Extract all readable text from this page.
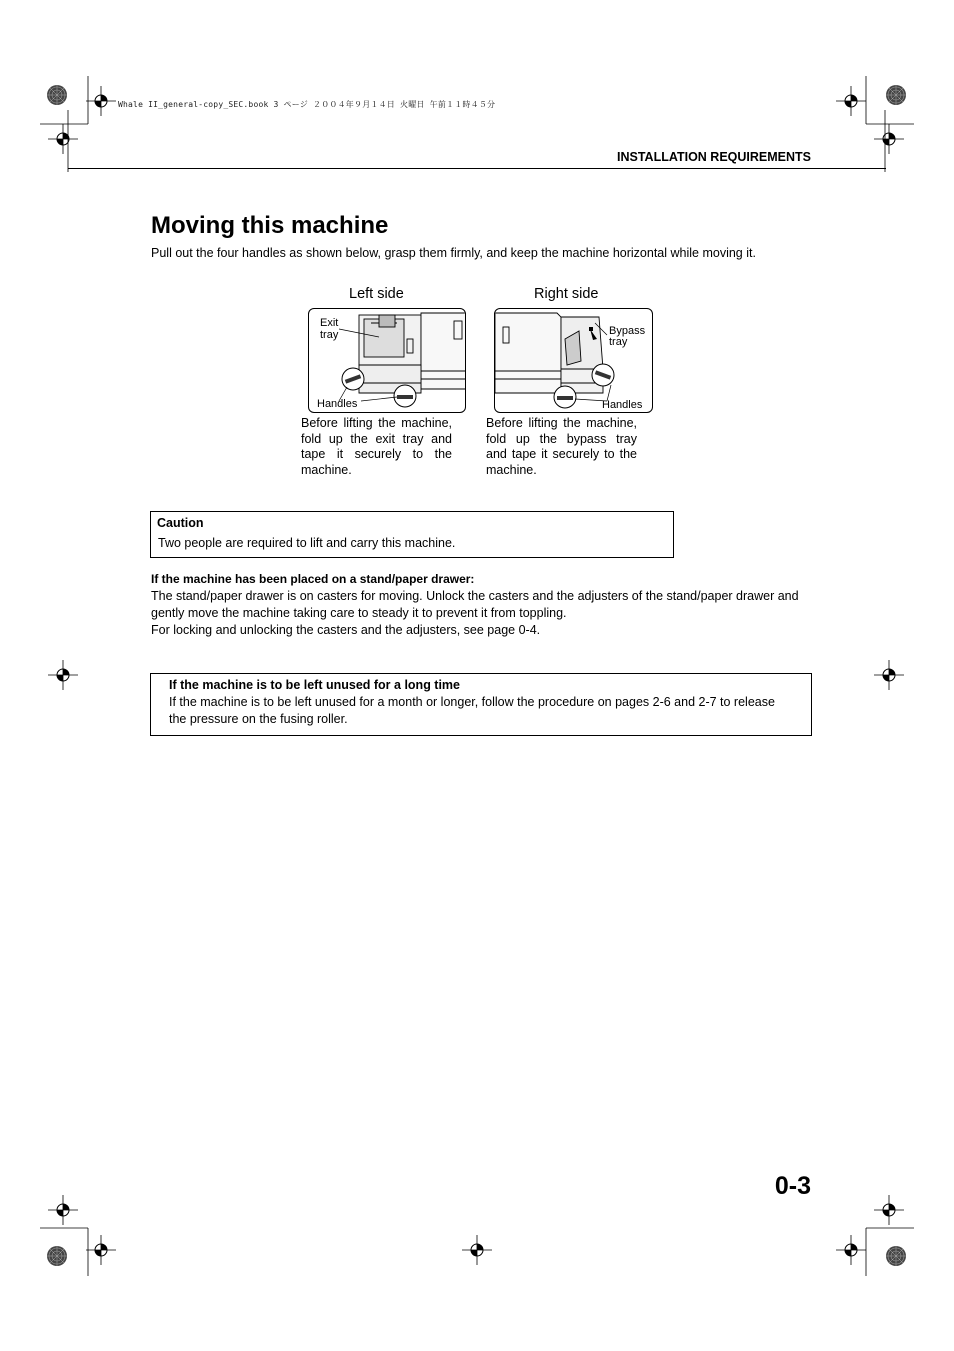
Whale II_general-copy_SEC.book 3 ページ ２００４年９月１４日 火曜日 午前１１時４５分
INSTALLATION REQUIREMENTS
Moving this machine
Pull out the four handles as shown below, grasp them firmly, and keep the machine horizontal while moving it.
Left side
Exit
tray
Handles
Right side
Bypass
tray
Handles
Before lifting the machine,
fold up the exit tray and
tape it securely to the
machine.
Before lifting the machine,
fold up the bypass tray
and tape it securely to the
machine.
Caution
Two people are required to lift and carry this machine.
If the machine has been placed on a stand/paper drawer:
The stand/paper drawer is on casters for moving. Unlock the casters and the adjusters of the stand/paper drawer and
gently move the machine taking care to steady it to prevent it from toppling.
For locking and unlocking the casters and the adjusters, see page 0-4.
If the machine is to be left unused for a long time
If the machine is to be left unused for a month or longer, follow the procedure on pages 2-6 and 2-7 to release
the pressure on the fusing roller.
0-3
